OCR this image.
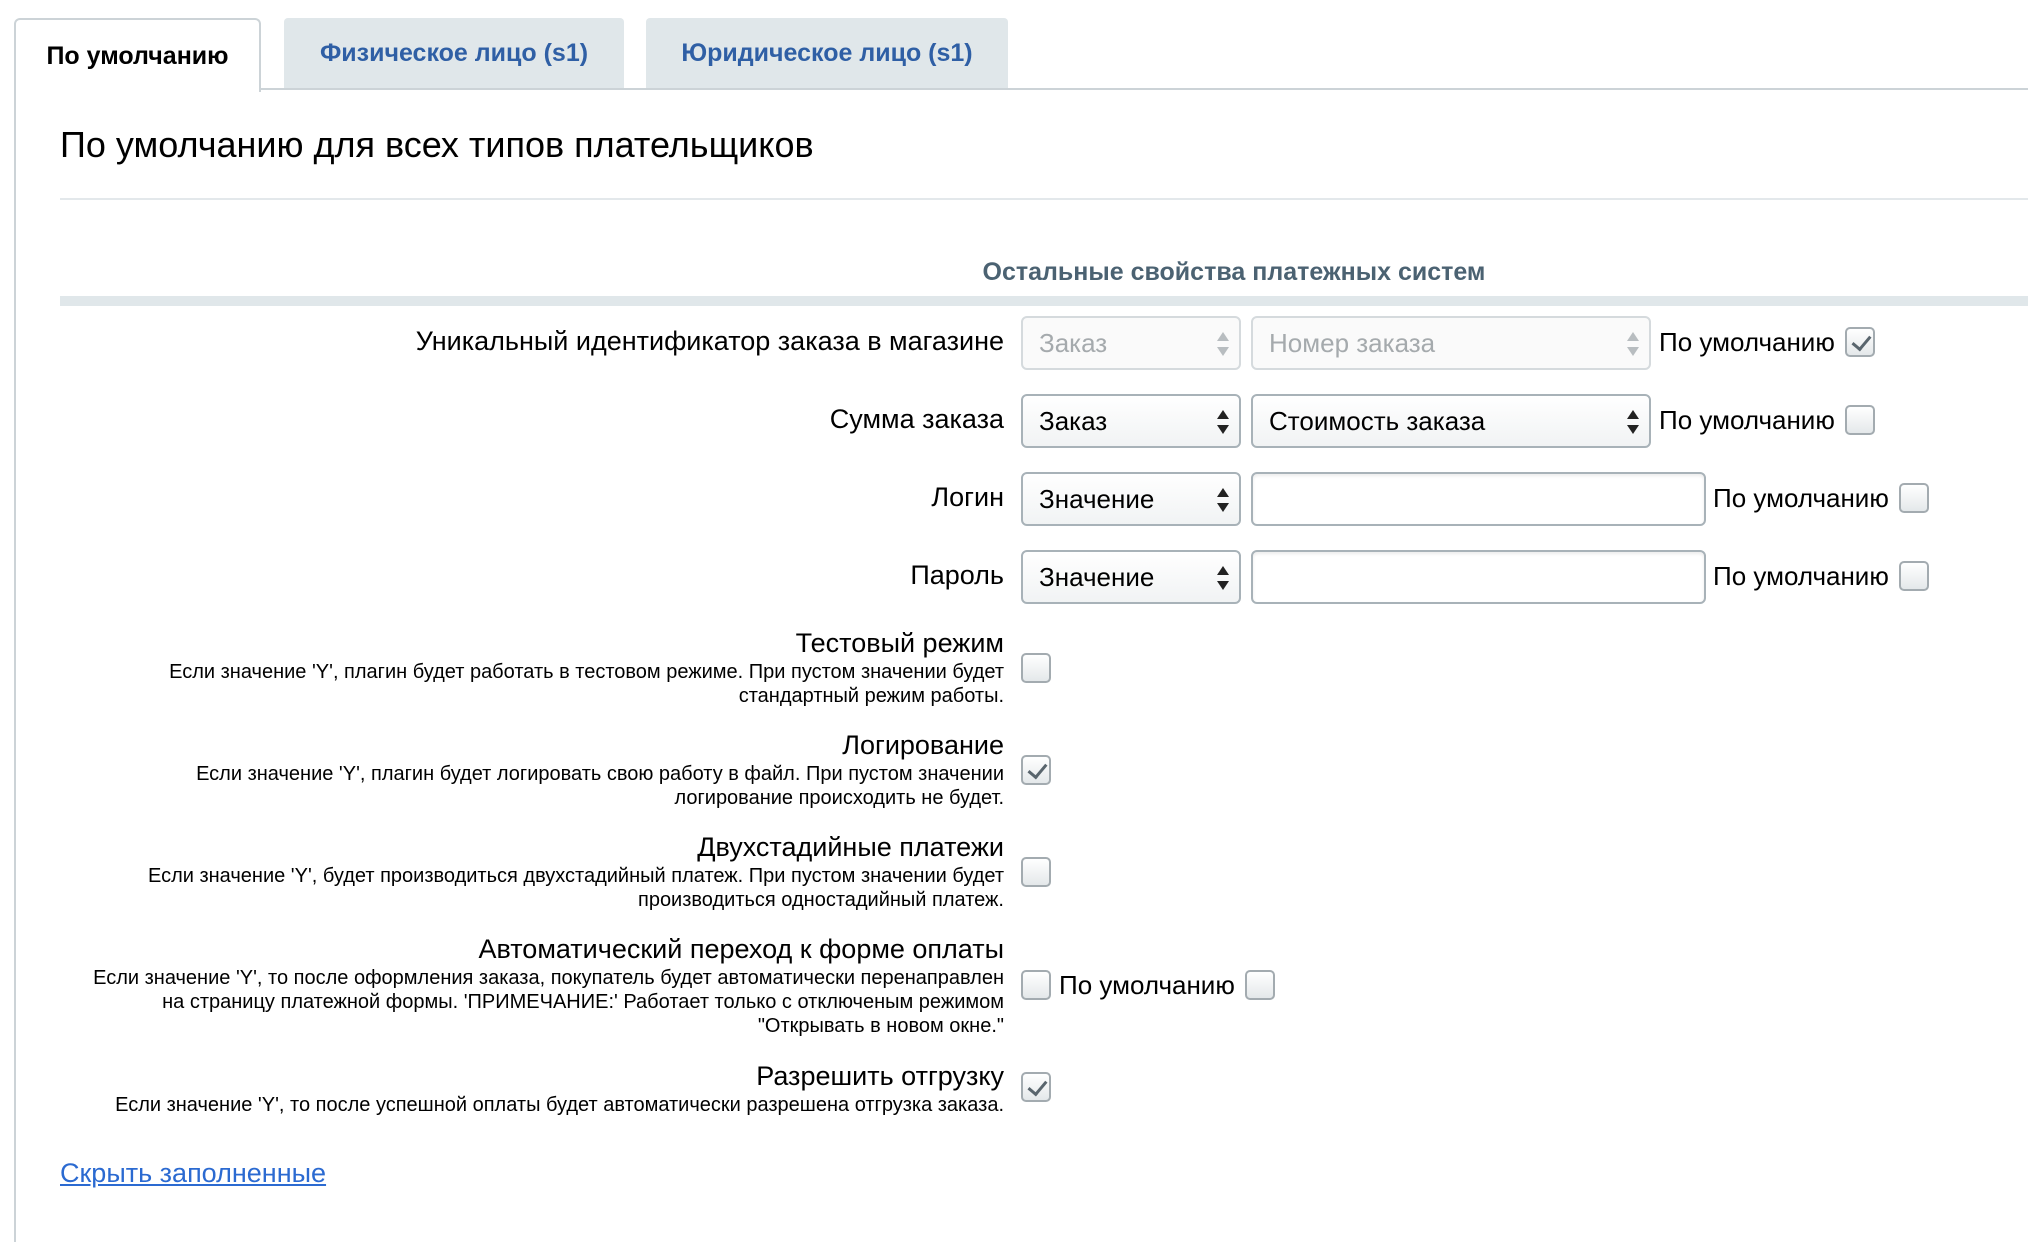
По умолчанию	Физическое лицо (s1)	Юридическое лицо (s1)
По умолчанию для всех типов плательщиков
Остальные свойства платежных систем
Уникальный идентификатор заказа в магазине	Заказ	Номер заказа	По умолчанию
Сумма заказа	Заказ	Стоимость заказа	По умолчанию
Логин	Значение	По умолчанию
Пароль	Значение	По умолчанию
Тестовый режим
Если значение 'Y', плагин будет работать в тестовом режиме. При пустом значении будет
стандартный режим работы.
Логирование
Если значение 'Y', плагин будет логировать свою работу в файл. При пустом значении
логирование происходить не будет.
Двухстадийные платежи
Если значение 'Y', будет производиться двухстадийный платеж. При пустом значении будет
производиться одностадийный платеж.
Автоматический переход к форме оплаты
Если значение 'Y', то после оформления заказа, покупатель будет автоматически перенаправлен
на страницу платежной формы. 'ПРИМЕЧАНИЕ:' Работает только с отключеным режимом
"Открывать в новом окне."
По умолчанию
Разрешить отгрузку
Если значение 'Y', то после успешной оплаты будет автоматически разрешена отгрузка заказа.
Скрыть заполненные
